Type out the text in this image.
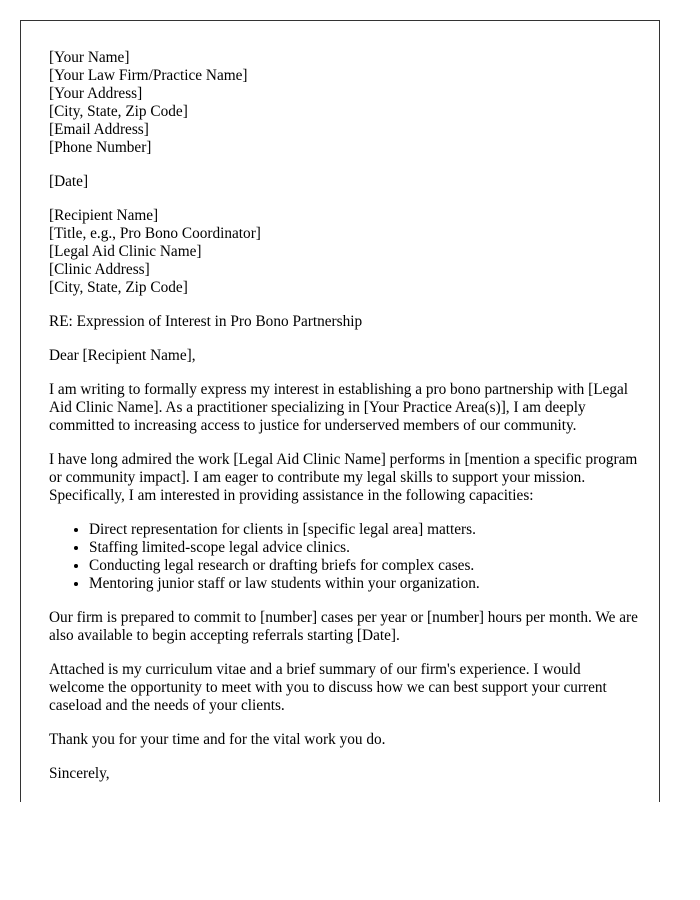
[Your Name]
[Your Law Firm/Practice Name]
[Your Address]
[City, State, Zip Code]
[Email Address]
[Phone Number]
[Date]
[Recipient Name]
[Title, e.g., Pro Bono Coordinator]
[Legal Aid Clinic Name]
[Clinic Address]
[City, State, Zip Code]

RE: Expression of Interest in Pro Bono Partnership

Dear [Recipient Name],

I am writing to formally express my interest in establishing a pro bono partnership with [Legal Aid Clinic Name]. As a practitioner specializing in [Your Practice Area(s)], I am deeply committed to increasing access to justice for underserved members of our community.

I have long admired the work [Legal Aid Clinic Name] performs in [mention a specific program or community impact]. I am eager to contribute my legal skills to support your mission. Specifically, I am interested in providing assistance in the following capacities:

• Direct representation for clients in [specific legal area] matters.
• Staffing limited-scope legal advice clinics.
• Conducting legal research or drafting briefs for complex cases.
• Mentoring junior staff or law students within your organization.

Our firm is prepared to commit to [number] cases per year or [number] hours per month. We are also available to begin accepting referrals starting [Date].

Attached is my curriculum vitae and a brief summary of our firm's experience. I would welcome the opportunity to meet with you to discuss how we can best support your current caseload and the needs of your clients.

Thank you for your time and for the vital work you do.

Sincerely,
